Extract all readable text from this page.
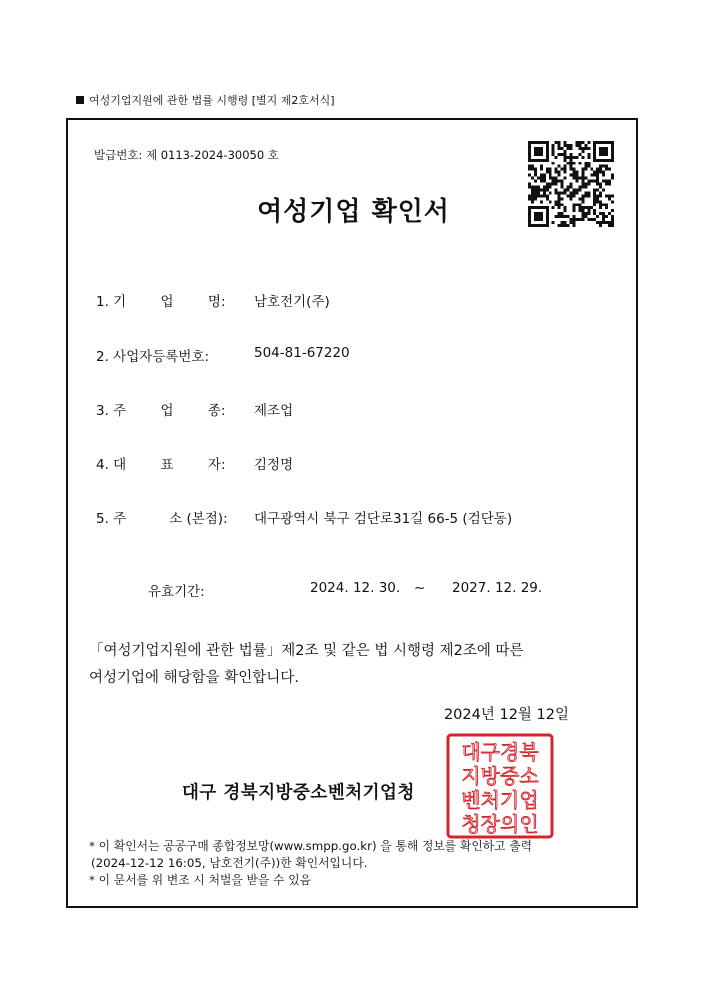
여성기업지원에 관한 법률 시행령 [별지 제2호서식]
발급번호: 제 0113-2024-30050 호
여성기업 확인서
1. 기        업        명: 남호전기(주)
2. 사업자등록번호:	504-81-67220
3. 주        업        종: 제조업
4. 대        표        자: 김정명
5. 주          소 (본점): 대구광역시 북구 검단로31길 66-5 (검단동)
유효기간:	2024. 12. 30. ~ 2027. 12. 29.
「여성기업지원에 관한 법률」제2조 및 같은 법 시행령 제2조에 따른
여성기업에 해당함을 확인합니다.
2024년 12월 12일
대구 경북지방중소벤처기업청
대구경북
지방중소
벤처기업
청장의인
* 이 확인서는 공공구매 종합정보망(www.smpp.go.kr) 을 통해 정보를 확인하고 출력
(2024-12-12 16:05, 남호전기(주))한 확인서입니다.
* 이 문서를 위 변조 시 처벌을 받을 수 있음
